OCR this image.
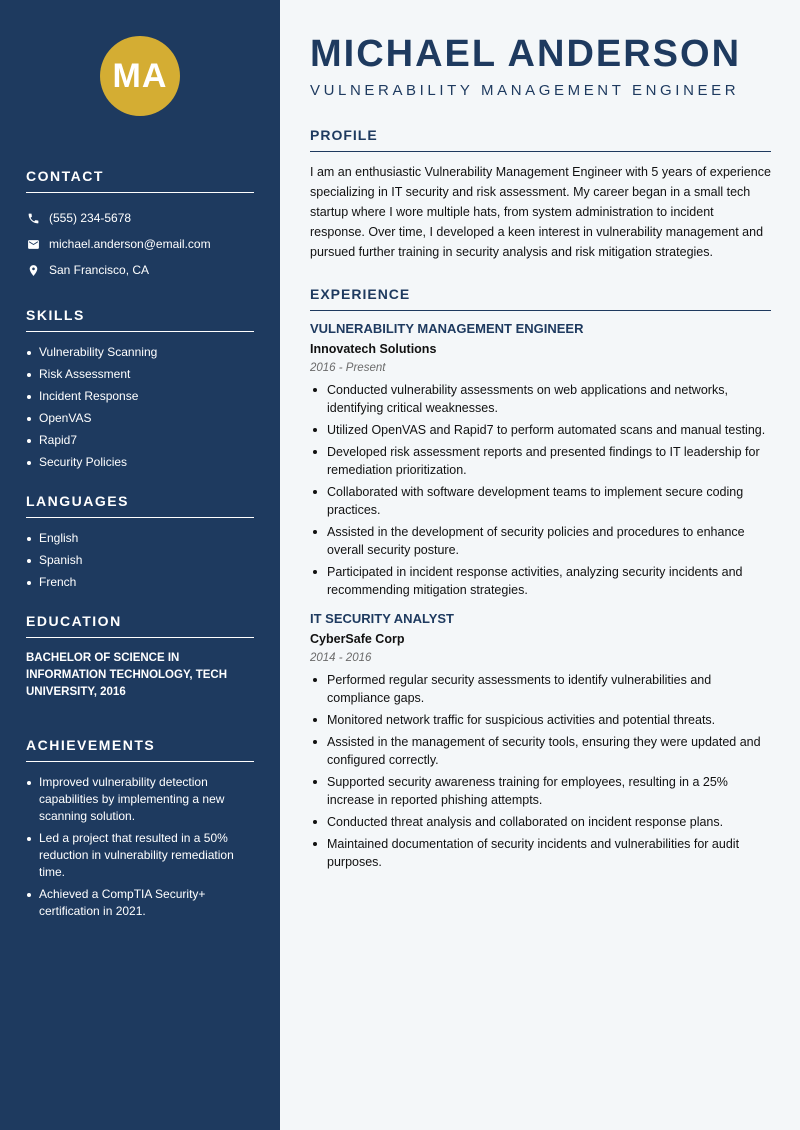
MA
CONTACT
(555) 234-5678
michael.anderson@email.com
San Francisco, CA
SKILLS
Vulnerability Scanning
Risk Assessment
Incident Response
OpenVAS
Rapid7
Security Policies
LANGUAGES
English
Spanish
French
EDUCATION
BACHELOR OF SCIENCE IN INFORMATION TECHNOLOGY, TECH UNIVERSITY, 2016
ACHIEVEMENTS
Improved vulnerability detection capabilities by implementing a new scanning solution.
Led a project that resulted in a 50% reduction in vulnerability remediation time.
Achieved a CompTIA Security+ certification in 2021.
MICHAEL ANDERSON
VULNERABILITY MANAGEMENT ENGINEER
PROFILE

I am an enthusiastic Vulnerability Management Engineer with 5 years of experience specializing in IT security and risk assessment. My career began in a small tech startup where I wore multiple hats, from system administration to incident response. Over time, I developed a keen interest in vulnerability management and pursued further training in security analysis and risk mitigation strategies.

EXPERIENCE
VULNERABILITY MANAGEMENT ENGINEER
Innovatech Solutions
2016 - Present
Conducted vulnerability assessments on web applications and networks, identifying critical weaknesses.
Utilized OpenVAS and Rapid7 to perform automated scans and manual testing.
Developed risk assessment reports and presented findings to IT leadership for remediation prioritization.
Collaborated with software development teams to implement secure coding practices.
Assisted in the development of security policies and procedures to enhance overall security posture.
Participated in incident response activities, analyzing security incidents and recommending mitigation strategies.
IT SECURITY ANALYST
CyberSafe Corp
2014 - 2016
Performed regular security assessments to identify vulnerabilities and compliance gaps.
Monitored network traffic for suspicious activities and potential threats.
Assisted in the management of security tools, ensuring they were updated and configured correctly.
Supported security awareness training for employees, resulting in a 25% increase in reported phishing attempts.
Conducted threat analysis and collaborated on incident response plans.
Maintained documentation of security incidents and vulnerabilities for audit purposes.
